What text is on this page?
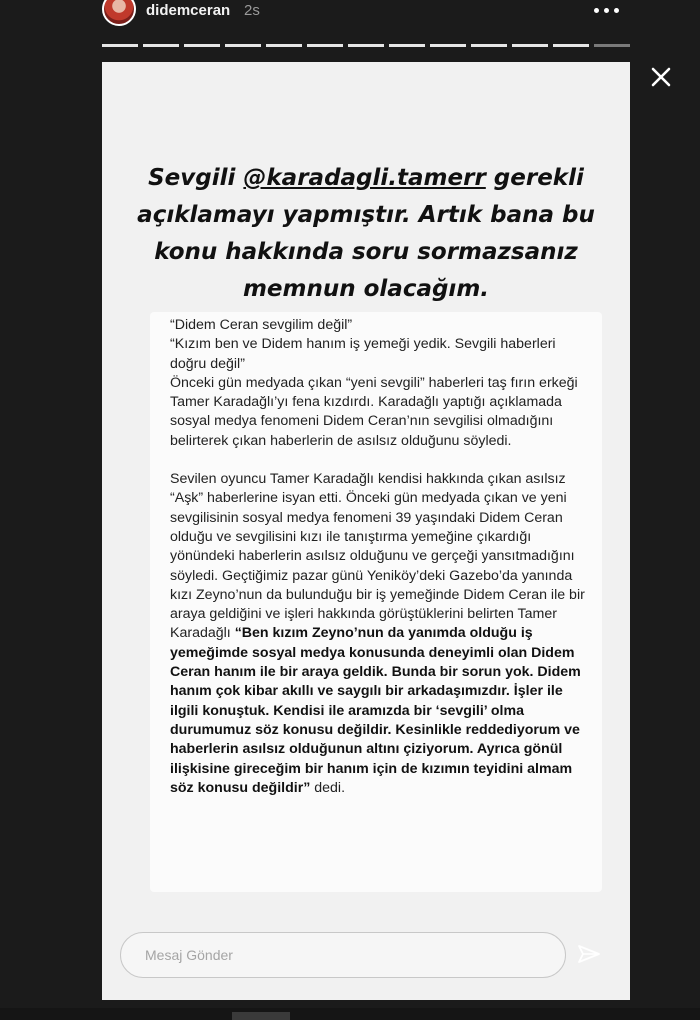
didemceran 2s
Sevgili @karadagli.tamerr gerekli
açıklamayı yapmıştır. Artık bana bu
konu hakkında soru sormazsanız
memnun olacağım.

“Didem Ceran sevgilim değil”

“Kızım ben ve Didem hanım iş yemeği yedik. Sevgili haberleri doğru değil”

Önceki gün medyada çıkan “yeni sevgili” haberleri taş fırın erkeği Tamer Karadağlı’yı fena kızdırdı. Karadağlı yaptığı açıklamada sosyal medya fenomeni Didem Ceran’nın sevgilisi olmadığını belirterek çıkan haberlerin de asılsız olduğunu söyledi.

Sevilen oyuncu Tamer Karadağlı kendisi hakkında çıkan asılsız “Aşk” haberlerine isyan etti. Önceki gün medyada çıkan ve yeni sevgilisinin sosyal medya fenomeni 39 yaşındaki Didem Ceran olduğu ve sevgilisini kızı ile tanıştırma yemeğine çıkardığı yönündeki haberlerin asılsız olduğunu ve gerçeği yansıtmadığını söyledi. Geçtiğimiz pazar günü Yeniköy’deki Gazebo’da yanında kızı Zeyno’nun da bulunduğu bir iş yemeğinde Didem Ceran ile bir araya geldiğini ve işleri hakkında görüştüklerini belirten Tamer Karadağlı “Ben kızım Zeyno’nun da yanımda olduğu iş yemeğimde sosyal medya konusunda deneyimli olan Didem Ceran hanım ile bir araya geldik. Bunda bir sorun yok. Didem hanım çok kibar akıllı ve saygılı bir arkadaşımızdır. İşler ile ilgili konuştuk. Kendisi ile aramızda bir ‘sevgili’ olma durumumuz söz konusu değildir. Kesinlikle reddediyorum ve haberlerin asılsız olduğunun altını çiziyorum. Ayrıca gönül ilişkisine gireceğim bir hanım için de kızımın teyidini almam söz konusu değildir” dedi.

Mesaj Gönder
